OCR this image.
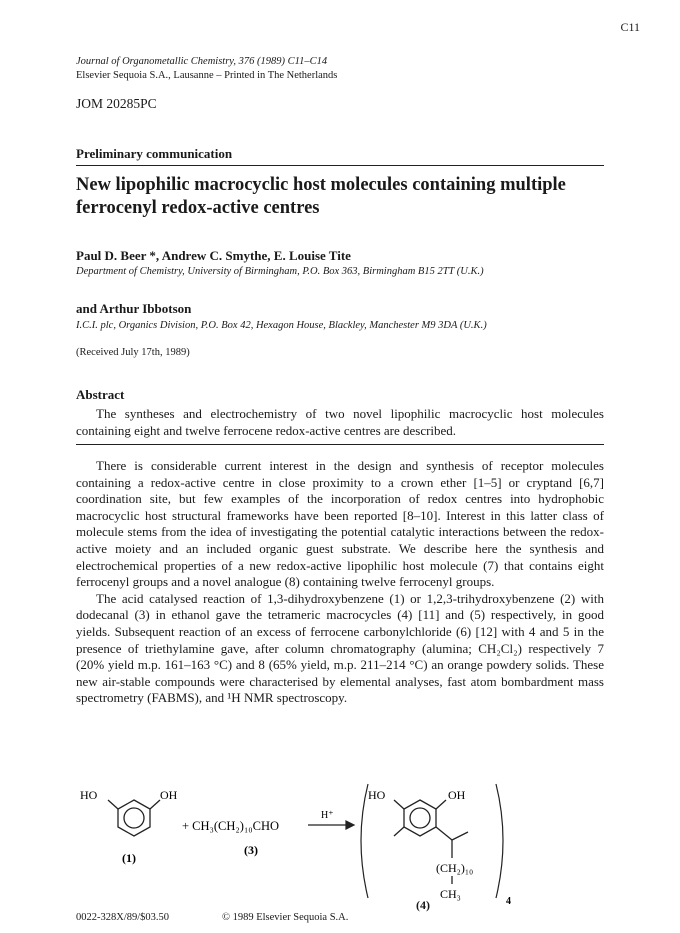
C11
Journal of Organometallic Chemistry, 376 (1989) C11–C14
Elsevier Sequoia S.A., Lausanne – Printed in The Netherlands
JOM 20285PC
Preliminary communication
New lipophilic macrocyclic host molecules containing multiple
ferrocenyl redox-active centres
Paul D. Beer *, Andrew C. Smythe, E. Louise Tite
Department of Chemistry, University of Birmingham, P.O. Box 363, Birmingham B15 2TT (U.K.)
and Arthur Ibbotson
I.C.I. plc, Organics Division, P.O. Box 42, Hexagon House, Blackley, Manchester M9 3DA (U.K.)
(Received July 17th, 1989)
Abstract
The syntheses and electrochemistry of two novel lipophilic macrocyclic host molecules containing eight and twelve ferrocene redox-active centres are described.

There is considerable current interest in the design and synthesis of receptor molecules containing a redox-active centre in close proximity to a crown ether [1–5] or cryptand [6,7] coordination site, but few examples of the incorporation of redox centres into hydrophobic macrocyclic host structural frameworks have been reported [8–10]. Interest in this latter class of molecule stems from the idea of investigating the potential catalytic interactions between the redox-active moiety and an included organic guest substrate. We describe here the synthesis and electrochemical properties of a new redox-active lipophilic host molecule (7) that contains eight ferrocenyl groups and a novel analogue (8) containing twelve ferrocenyl groups.

The acid catalysed reaction of 1,3-dihydroxybenzene (1) or 1,2,3-trihydroxybenzene (2) with dodecanal (3) in ethanol gave the tetrameric macrocycles (4) [11] and (5) respectively, in good yields. Subsequent reaction of an excess of ferrocene carbonylchloride (6) [12] with 4 and 5 in the presence of triethylamine gave, after column chromatography (alumina; CH₂Cl₂) respectively 7 (20% yield m.p. 161–163 °C) and 8 (65% yield, m.p. 211–214 °C) an orange powdery solids. These new air-stable compounds were characterised by elemental analyses, fast atom bombardment mass spectrometry (FABMS), and ¹H NMR spectroscopy.

HO	OH
(1)
+ CH₃(CH₂)₁₀CHO
(3)
H⁺
HO	OH
(CH₂)₁₀
CH₃
4
(4)
0022-328X/89/$03.50	© 1989 Elsevier Sequoia S.A.
